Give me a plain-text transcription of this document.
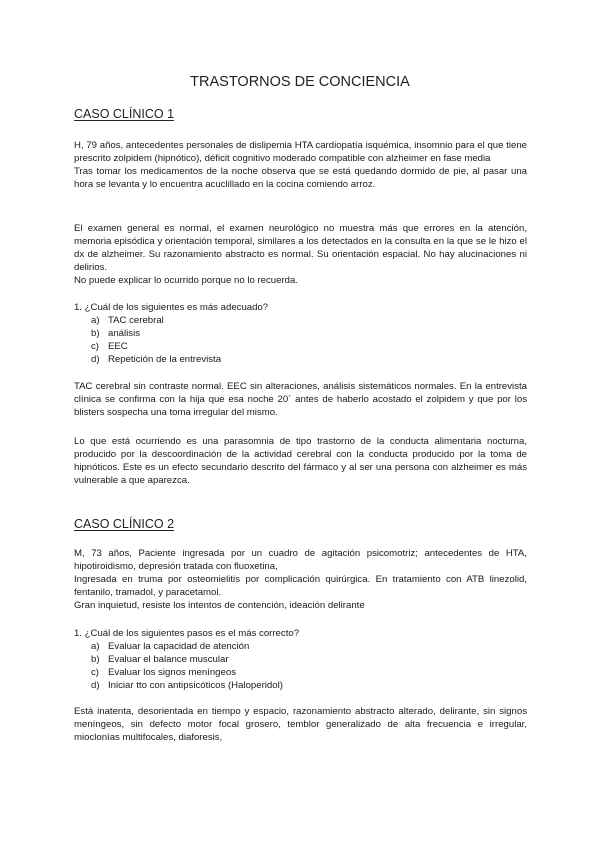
TRASTORNOS DE CONCIENCIA
CASO CLÍNICO 1
H, 79 años, antecedentes personales de dislipemia HTA cardiopatía isquémica, insomnio para el que tiene prescrito zolpidem (hipnótico), déficit cognitivo moderado compatible con alzheimer en fase media
Tras tomar los medicamentos de la noche observa que se está quedando dormido de pie, al pasar una hora se levanta y lo encuentra acuclillado en la cocina comiendo arroz.
El examen general es normal, el examen neurológico no muestra más que errores en la atención, memoria episódica y orientación temporal, similares a los detectados en la consulta en la que se le hizo el dx de alzheimer. Su razonamiento abstracto es normal. Su orientación espacial. No hay alucinaciones ni delirios.
No puede explicar lo ocurrido porque no lo recuerda.
1. ¿Cuál de los siguientes es más adecuado?
a) TAC cerebral
b) análisis
c) EEC
d) Repetición de la entrevista
TAC cerebral sin contraste normal. EEC sin alteraciones, análisis sistemáticos normales. En la entrevista clínica se confirma con la hija que esa noche 20´ antes de haberlo acostado el zolpidem y que por los blisters sospecha una toma irregular del mismo.
Lo que está ocurriendo es una parasomnia de tipo trastorno de la conducta alimentaria nocturna, producido por la descoordinación de la actividad cerebral con la conducta producido por la toma de hipnóticos. Este es un efecto secundario descrito del fármaco y al ser una persona con alzheimer es más vulnerable a que aparezca.
CASO CLÍNICO 2
M, 73 años, Paciente ingresada por un cuadro de agitación psicomotriz; antecedentes de HTA, hipotiroidismo, depresión tratada con fluoxetina,
Ingresada en truma por osteomielitis por complicación quirúrgica. En tratamiento con ATB linezolid, fentanilo, tramadol, y paracetamol.
Gran inquietud, resiste los intentos de contención, ideación delirante
1. ¿Cuál de los siguientes pasos es el más correcto?
a) Evaluar la capacidad de atención
b) Evaluar el balance muscular
c) Evaluar los signos meníngeos
d) Iniciar tto con antipsicóticos (Haloperidol)
Está inatenta, desorientada en tiempo y espacio, razonamiento abstracto alterado, delirante, sin signos meníngeos, sin defecto motor focal grosero, temblor generalizado de alta frecuencia e irregular, mioclonías multifocales, diaforesis,
